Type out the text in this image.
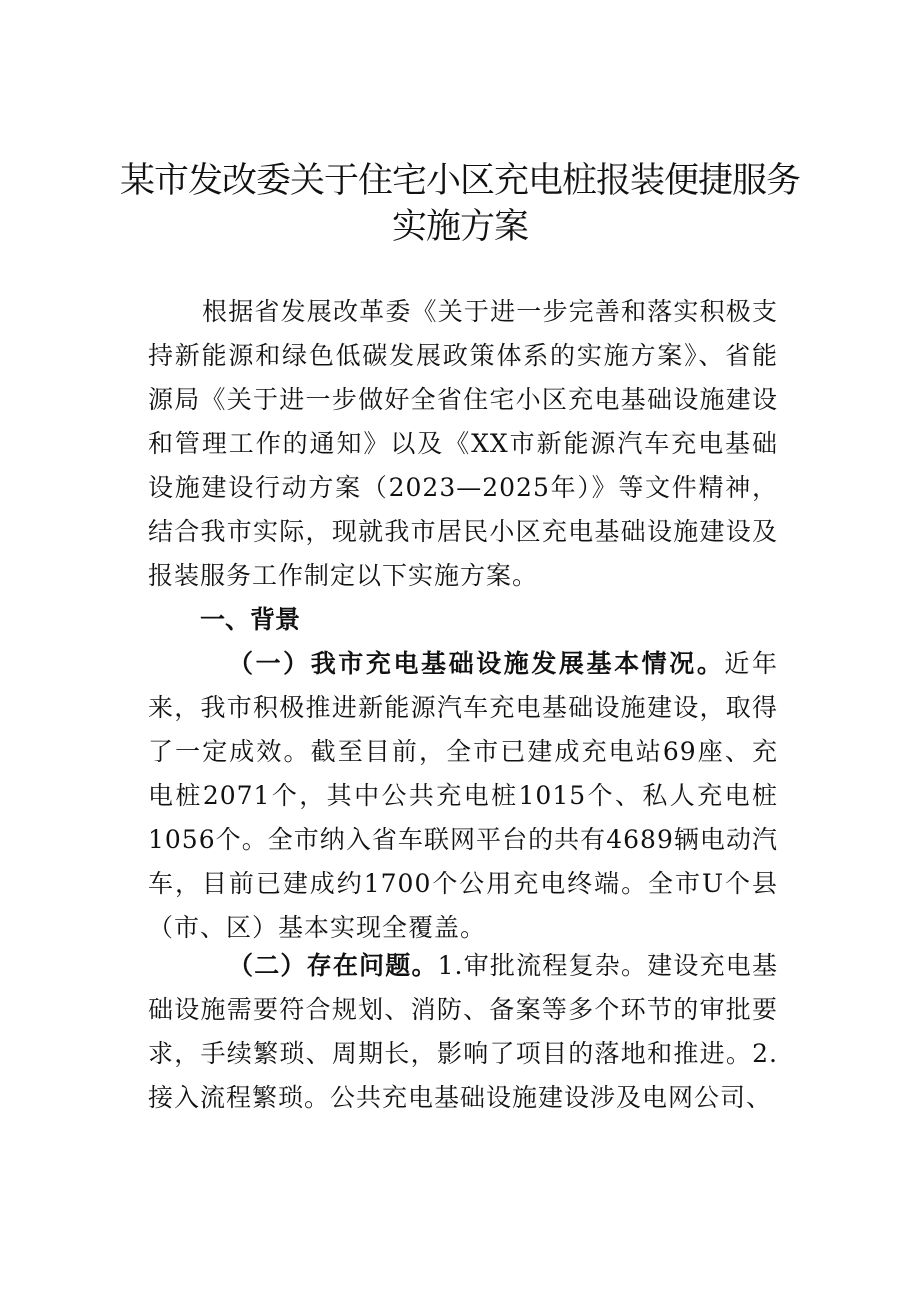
某市发改委关于住宅小区充电桩报装便捷服务实施方案

根据省发展改革委《关于进一步完善和落实积极支持新能源和绿色低碳发展政策体系的实施方案》、省能源局《关于进一步做好全省住宅小区充电基础设施建设和管理工作的通知》以及《XX市新能源汽车充电基础设施建设行动方案（2023—2025年）》等文件精神，结合我市实际，现就我市居民小区充电基础设施建设及报装服务工作制定以下实施方案。

一、背景

（一）我市充电基础设施发展基本情况。近年来，我市积极推进新能源汽车充电基础设施建设，取得了一定成效。截至目前，全市已建成充电站69座、充电桩2071个，其中公共充电桩1015个、私人充电桩1056个。全市纳入省车联网平台的共有4689辆电动汽车，目前已建成约1700个公用充电终端。全市U个县（市、区）基本实现全覆盖。

（二）存在问题。1.审批流程复杂。建设充电基础设施需要符合规划、消防、备案等多个环节的审批要求，手续繁琐、周期长，影响了项目的落地和推进。2.接入流程繁琐。公共充电基础设施建设涉及电网公司、
